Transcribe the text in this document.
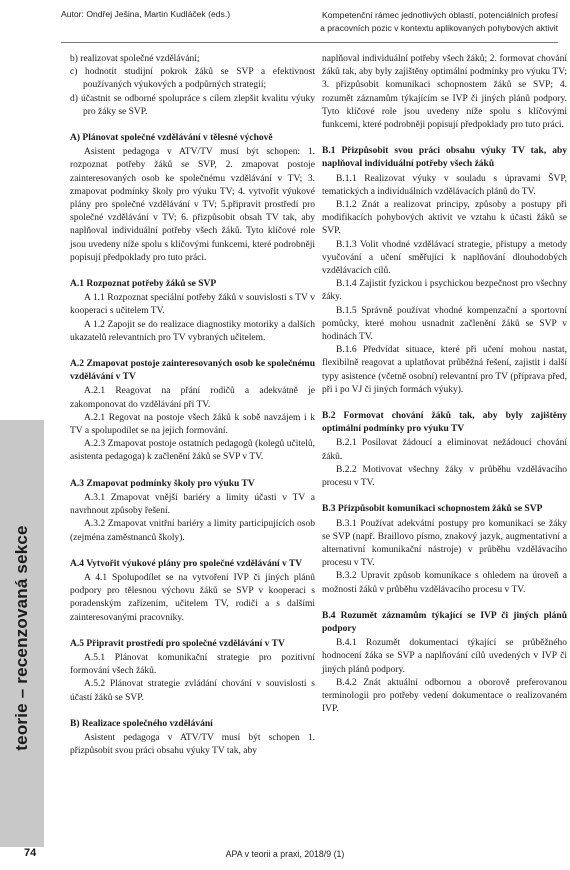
Autor: Ondřej Ješina, Martin Kudláček (eds.)	Kompetenční rámec jednotlivých oblastí, potenciálních profesí
a pracovních pozic v kontextu aplikovaných pohybových aktivit
teorie – recenzovaná sekce

b) realizovat společné vzdělávání;

c) hodnotit studijní pokrok žáků se SVP a efektivnost používaných výukových a podpůrných strategií;

d) účastnit se odborné spolupráce s cílem zlepšit kvalitu výuky pro žáky se SVP.

A) Plánovat společné vzdělávání v tělesné výchově

Asistent pedagoga v ATV/TV musí být schopen: 1. rozpoznat potřeby žáků se SVP, 2. zmapovat postoje zainteresovaných osob ke společnému vzdělávání v TV; 3. zmapovat podmínky školy pro výuku TV; 4. vytvořit výukové plány pro společné vzdělávání v TV; 5.připravit prostředí pro společné vzdělávání v TV; 6. přizpůsobit obsah TV tak, aby naplňoval individuální potřeby všech žáků. Tyto klíčové role jsou uvedeny níže spolu s klíčovými funkcemi, které podrobněji popisují předpoklady pro tuto práci.

A.1 Rozpoznat potřeby žáků se SVP

A 1.1 Rozpoznat speciální potřeby žáků v souvislosti s TV v kooperaci s učitelem TV.

A 1.2 Zapojit se do realizace diagnostiky motoriky a dalších ukazatelů relevantních pro TV vybraných učitelem.

A.2 Zmapovat postoje zainteresovaných osob ke společnému vzdělávání v TV

A.2.1 Reagovat na přání rodičů a adekvátně je zakomponovat do vzdělávání při TV.

A.2.1 Regovat na postoje všech žáků k sobě navzájem i k TV a spolupodílet se na jejich formování.

A.2.3 Zmapovat postoje ostatních pedagogů (kolegů učitelů, asistenta pedagoga) k začlenění žáků se SVP v TV.

A.3 Zmapovat podmínky školy pro výuku TV

A.3.1 Zmapovat vnější bariéry a limity účasti v TV a navrhnout způsoby řešení.

A.3.2 Zmapovat vnitřní bariéry a limity participujících osob (zejména zaměstnanců školy).

A.4 Vytvořit výukové plány pro společné vzdělávání v TV

A 4.1 Spolupodílet se na vytvoření IVP či jiných plánů podpory pro tělesnou výchovu žáků se SVP v kooperaci s poradenským zařízením, učitelem TV, rodiči a s dalšími zainteresovanými pracovníky.

A.5 Připravit prostředí pro společné vzdělávání v TV

A.5.1 Plánovat komunikační strategie pro pozitivní formování všech žáků.

A.5.2 Plánovat strategie zvládání chování v souvislosti s účastí žáků se SVP.

B) Realizace společného vzdělávání

Asistent pedagoga v ATV/TV musí být schopen 1. přizpůsobit svou práci obsahu výuky TV tak, aby

naplňoval individuální potřeby všech žáků; 2. formovat chování žáků tak, aby byly zajištěny optimální podmínky pro výuku TV; 3. přizpůsobit komunikaci schopnostem žáků se SVP; 4. rozumět záznamům týkajícím se IVP či jiných plánů podpory. Tyto klíčové role jsou uvedeny níže spolu s klíčovými funkcemi, které podrobněji popisují předpoklady pro tuto práci.

B.1 Přizpůsobit svou práci obsahu výuky TV tak, aby naplňoval individuální potřeby všech žáků

B.1.1 Realizovat výuky v souladu s úpravami ŠVP, tematických a individuálních vzdělávacích plánů do TV.

B.1.2 Znát a realizovat principy, způsoby a postupy při modifikacích pohybových aktivit ve vztahu k účasti žáků se SVP.

B.1.3 Volit vhodné vzdělávací strategie, přístupy a metody vyučování a učení směřující k naplňování dlouhodobých vzdělávacích cílů.

B.1.4 Zajistit fyzickou i psychickou bezpečnost pro všechny žáky.

B.1.5 Správně používat vhodné kompenzační a sportovní pomůcky, které mohou usnadnit začlenění žáků se SVP v hodinách TV.

B.1.6 Předvídat situace, které při učení mohou nastat, flexibilně reagovat a uplatňovat průběžná řešení, zajistit i další typy asistence (včetně osobní) relevantní pro TV (příprava před, při i po VJ či jiných formách výuky).

B.2 Formovat chování žáků tak, aby byly zajištěny optimální podmínky pro výuku TV

B.2.1 Posilovat žádoucí a eliminovat nežádoucí chování žáků.

B.2.2 Motivovat všechny žáky v průběhu vzdělávacího procesu v TV.

B.3 Přizpůsobit komunikaci schopnostem žáků se SVP

B.3.1 Používat adekvátní postupy pro komunikaci se žáky se SVP (např. Braillovo písmo, znakový jazyk, augmentativní a alternativní komunikační nástroje) v průběhu vzdělávacího procesu v TV.

B.3.2 Upravit způsob komunikace s ohledem na úroveň a možnosti žáků v průběhu vzdělávacího procesu v TV.

B.4 Rozumět záznamům týkající se IVP či jiných plánů podpory

B.4.1 Rozumět dokumentaci týkající se průběžného hodnocení žáka se SVP a naplňování cílů uvedených v IVP či jiných plánů podpory.

B.4.2 Znát aktuální odbornou a oborově preferovanou terminologii pro potřeby vedení dokumentace o realizovaném IVP.

74	APA v teorii a praxi, 2018/9 (1)
